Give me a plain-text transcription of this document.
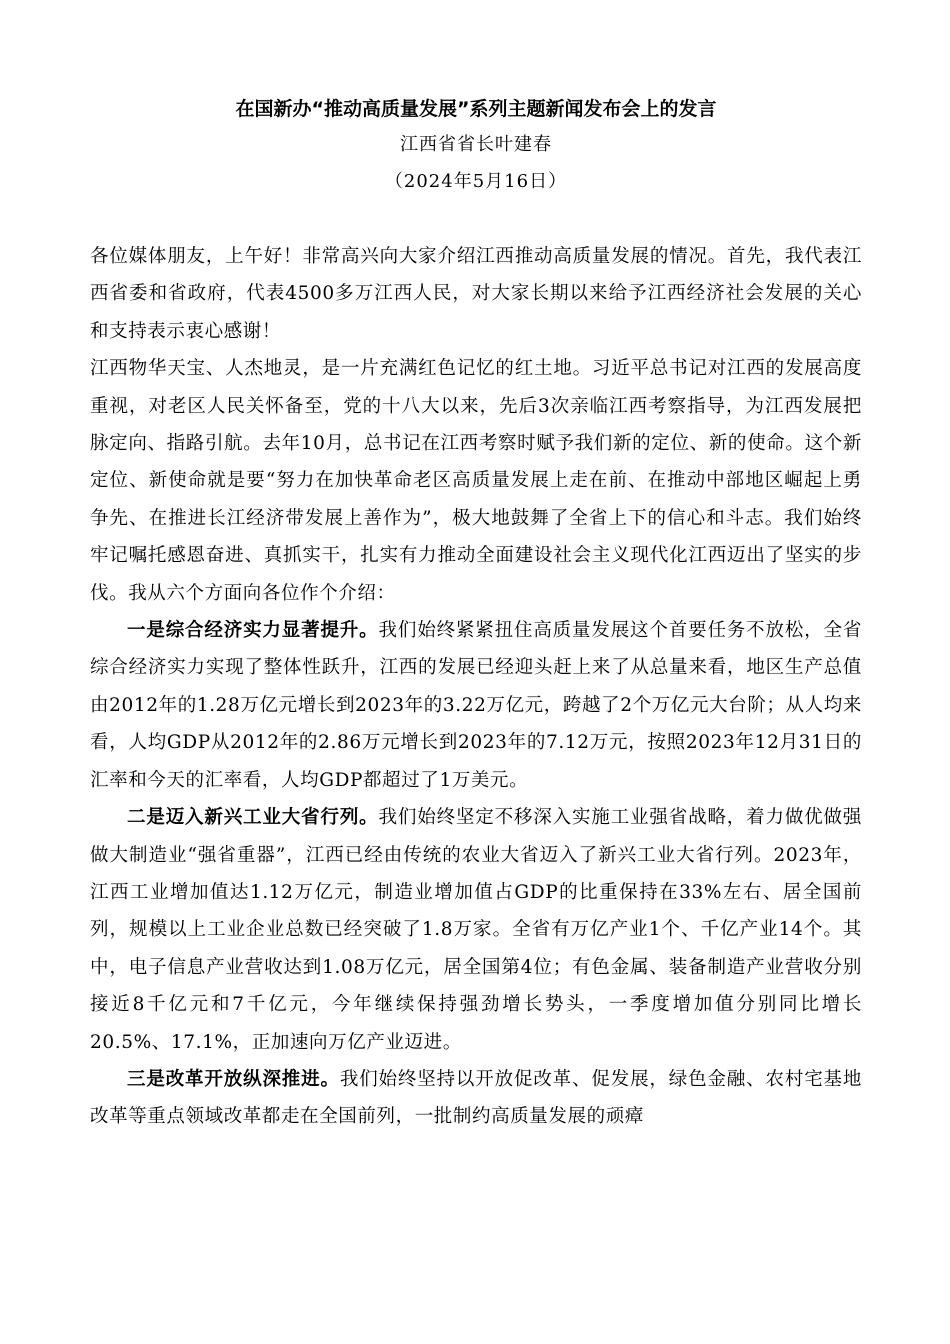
在国新办“推动高质量发展”系列主题新闻发布会上的发言
江西省省长叶建春
（2024年5月16日）

各位媒体朋友，上午好！非常高兴向大家介绍江西推动高质量发展的情况。首先，我代表江西省委和省政府，代表4500多万江西人民，对大家长期以来给予江西经济社会发展的关心和支持表示衷心感谢！

江西物华天宝、人杰地灵，是一片充满红色记忆的红土地。习近平总书记对江西的发展高度重视，对老区人民关怀备至，党的十八大以来，先后3次亲临江西考察指导，为江西发展把脉定向、指路引航。去年10月，总书记在江西考察时赋予我们新的定位、新的使命。这个新定位、新使命就是要“努力在加快革命老区高质量发展上走在前、在推动中部地区崛起上勇争先、在推进长江经济带发展上善作为”，极大地鼓舞了全省上下的信心和斗志。我们始终牢记嘱托感恩奋进、真抓实干，扎实有力推动全面建设社会主义现代化江西迈出了坚实的步伐。我从六个方面向各位作个介绍：

一是综合经济实力显著提升。我们始终紧紧扭住高质量发展这个首要任务不放松，全省综合经济实力实现了整体性跃升，江西的发展已经迎头赶上来了从总量来看，地区生产总值由2012年的1.28万亿元增长到2023年的3.22万亿元，跨越了2个万亿元大台阶；从人均来看，人均GDP从2012年的2.86万元增长到2023年的7.12万元，按照2023年12月31日的汇率和今天的汇率看，人均GDP都超过了1万美元。

二是迈入新兴工业大省行列。我们始终坚定不移深入实施工业强省战略，着力做优做强做大制造业“强省重器”，江西已经由传统的农业大省迈入了新兴工业大省行列。2023年，江西工业增加值达1.12万亿元，制造业增加值占GDP的比重保持在33%左右、居全国前列，规模以上工业企业总数已经突破了1.8万家。全省有万亿产业1个、千亿产业14个。其中，电子信息产业营收达到1.08万亿元，居全国第4位；有色金属、装备制造产业营收分别接近8千亿元和7千亿元，今年继续保持强劲增长势头，一季度增加值分别同比增长20.5%、17.1%，正加速向万亿产业迈进。

三是改革开放纵深推进。我们始终坚持以开放促改革、促发展，绿色金融、农村宅基地改革等重点领域改革都走在全国前列，一批制约高质量发展的顽瘴
